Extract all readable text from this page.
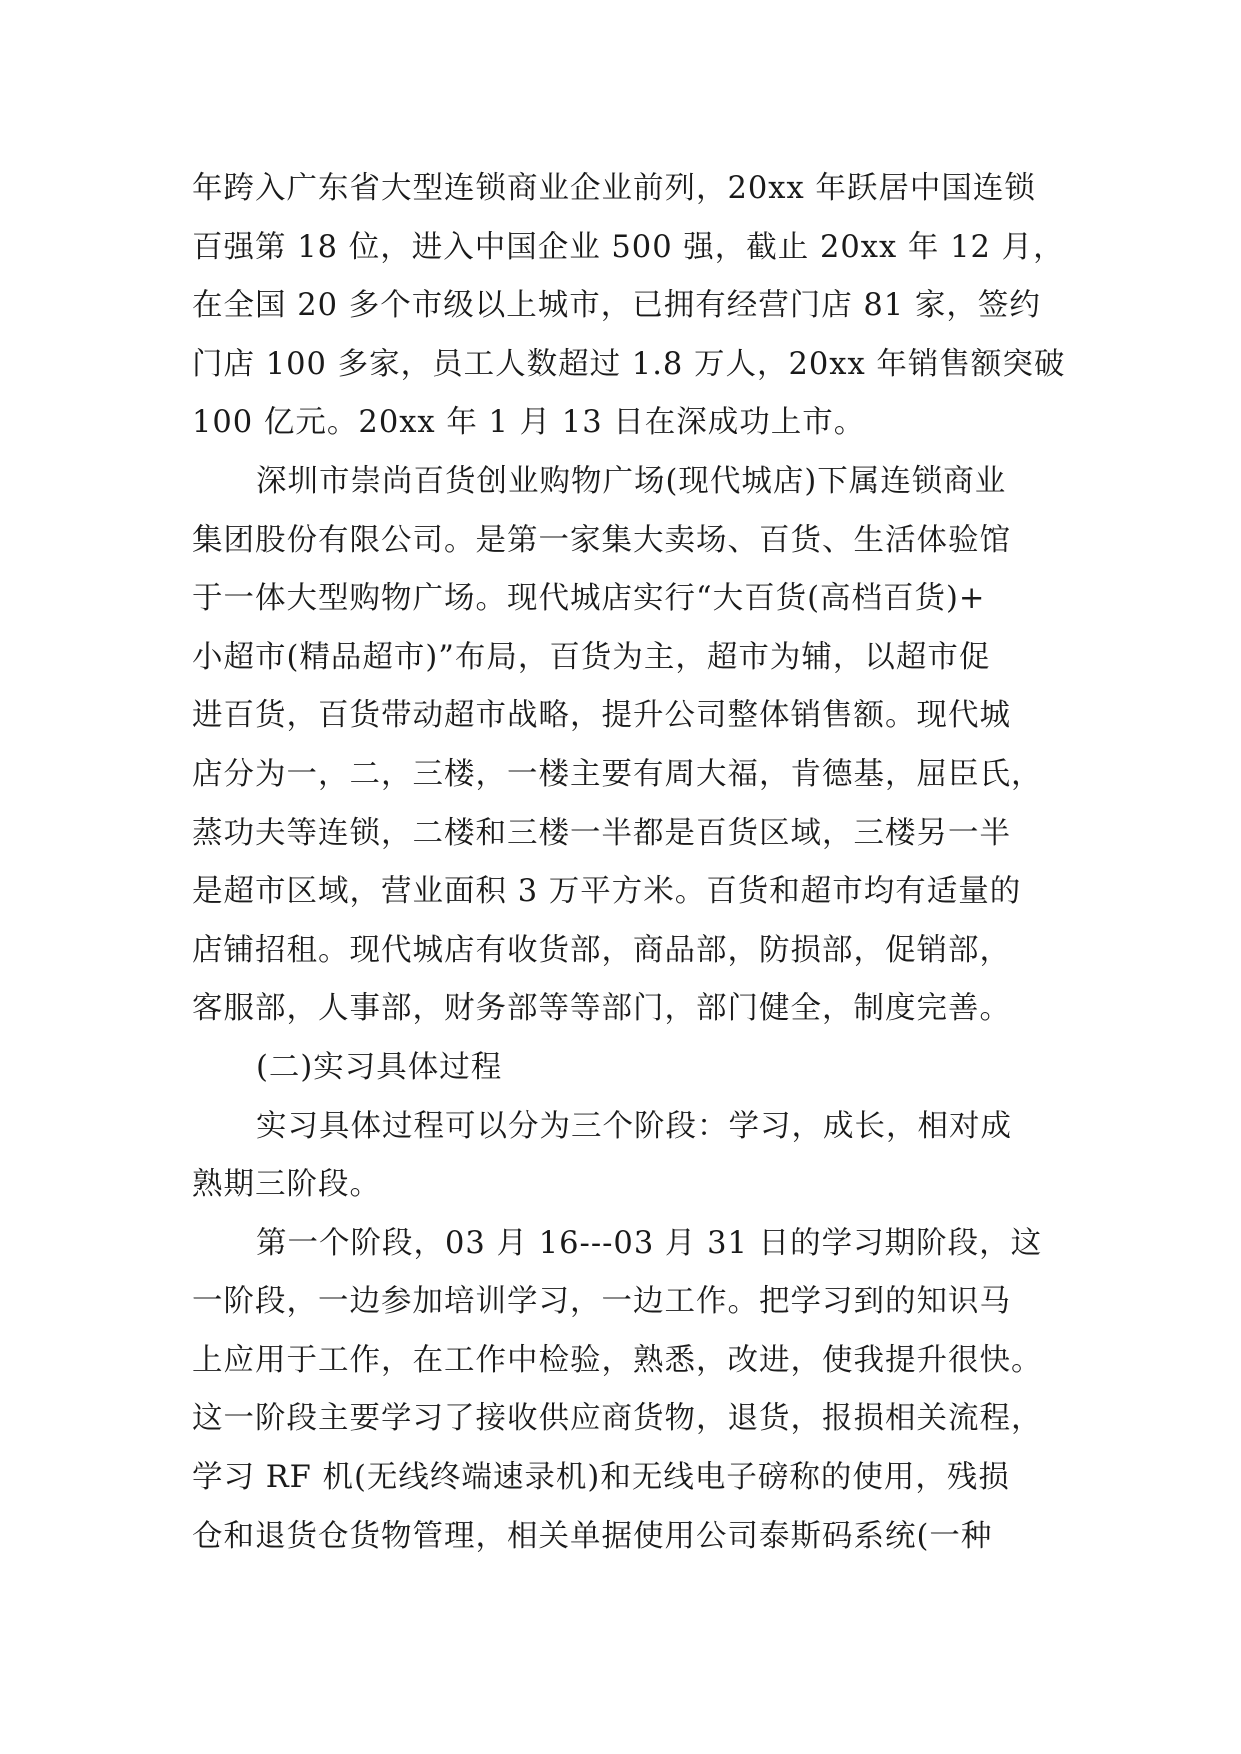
年跨入广东省大型连锁商业企业前列，20xx 年跃居中国连锁
百强第 18 位，进入中国企业 500 强，截止 20xx 年 12 月，
在全国 20 多个市级以上城市，已拥有经营门店 81 家，签约
门店 100 多家，员工人数超过 1.8 万人，20xx 年销售额突破
100 亿元。20xx 年 1 月 13 日在深成功上市。
深圳市崇尚百货创业购物广场(现代城店)下属连锁商业
集团股份有限公司。是第一家集大卖场、百货、生活体验馆
于一体大型购物广场。现代城店实行“大百货(高档百货)+
小超市(精品超市)”布局，百货为主，超市为辅，以超市促
进百货，百货带动超市战略，提升公司整体销售额。现代城
店分为一，二，三楼，一楼主要有周大福，肯德基，屈臣氏，
蒸功夫等连锁，二楼和三楼一半都是百货区域，三楼另一半
是超市区域，营业面积 3 万平方米。百货和超市均有适量的
店铺招租。现代城店有收货部，商品部，防损部，促销部，
客服部，人事部，财务部等等部门，部门健全，制度完善。
(二)实习具体过程
实习具体过程可以分为三个阶段：学习，成长，相对成
熟期三阶段。
第一个阶段，03 月 16---03 月 31 日的学习期阶段，这
一阶段，一边参加培训学习，一边工作。把学习到的知识马
上应用于工作，在工作中检验，熟悉，改进，使我提升很快。
这一阶段主要学习了接收供应商货物，退货，报损相关流程，
学习 RF 机(无线终端速录机)和无线电子磅称的使用，残损
仓和退货仓货物管理，相关单据使用公司泰斯码系统(一种
